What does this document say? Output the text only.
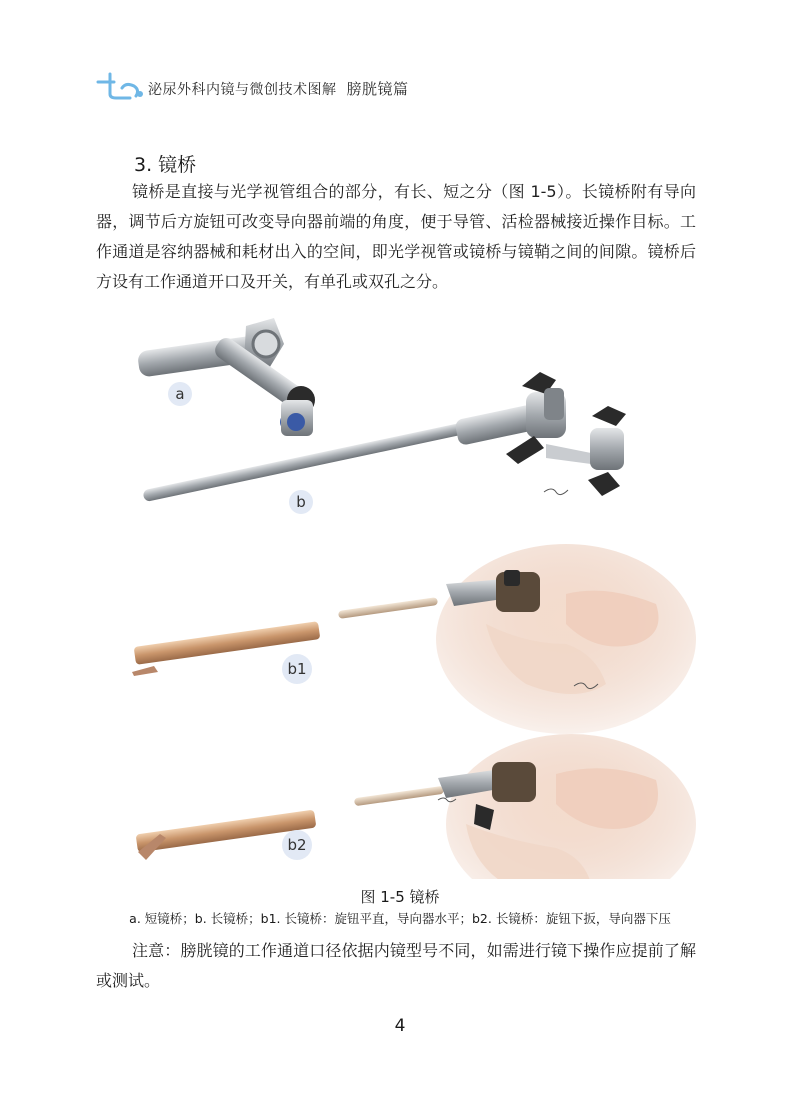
泌尿外科内镜与微创技术图解 膀胱镜篇
3. 镜桥
镜桥是直接与光学视管组合的部分，有长、短之分（图 1-5）。长镜桥附有导向器，调节后方旋钮可改变导向器前端的角度，便于导管、活检器械接近操作目标。工作通道是容纳器械和耗材出入的空间，即光学视管或镜桥与镜鞘之间的间隙。镜桥后方设有工作通道开口及开关，有单孔或双孔之分。
a
b
b1
b2
图 1-5 镜桥
a. 短镜桥；b. 长镜桥；b1. 长镜桥：旋钮平直，导向器水平；b2. 长镜桥：旋钮下扳，导向器下压
注意：膀胱镜的工作通道口径依据内镜型号不同，如需进行镜下操作应提前了解或测试。
4
